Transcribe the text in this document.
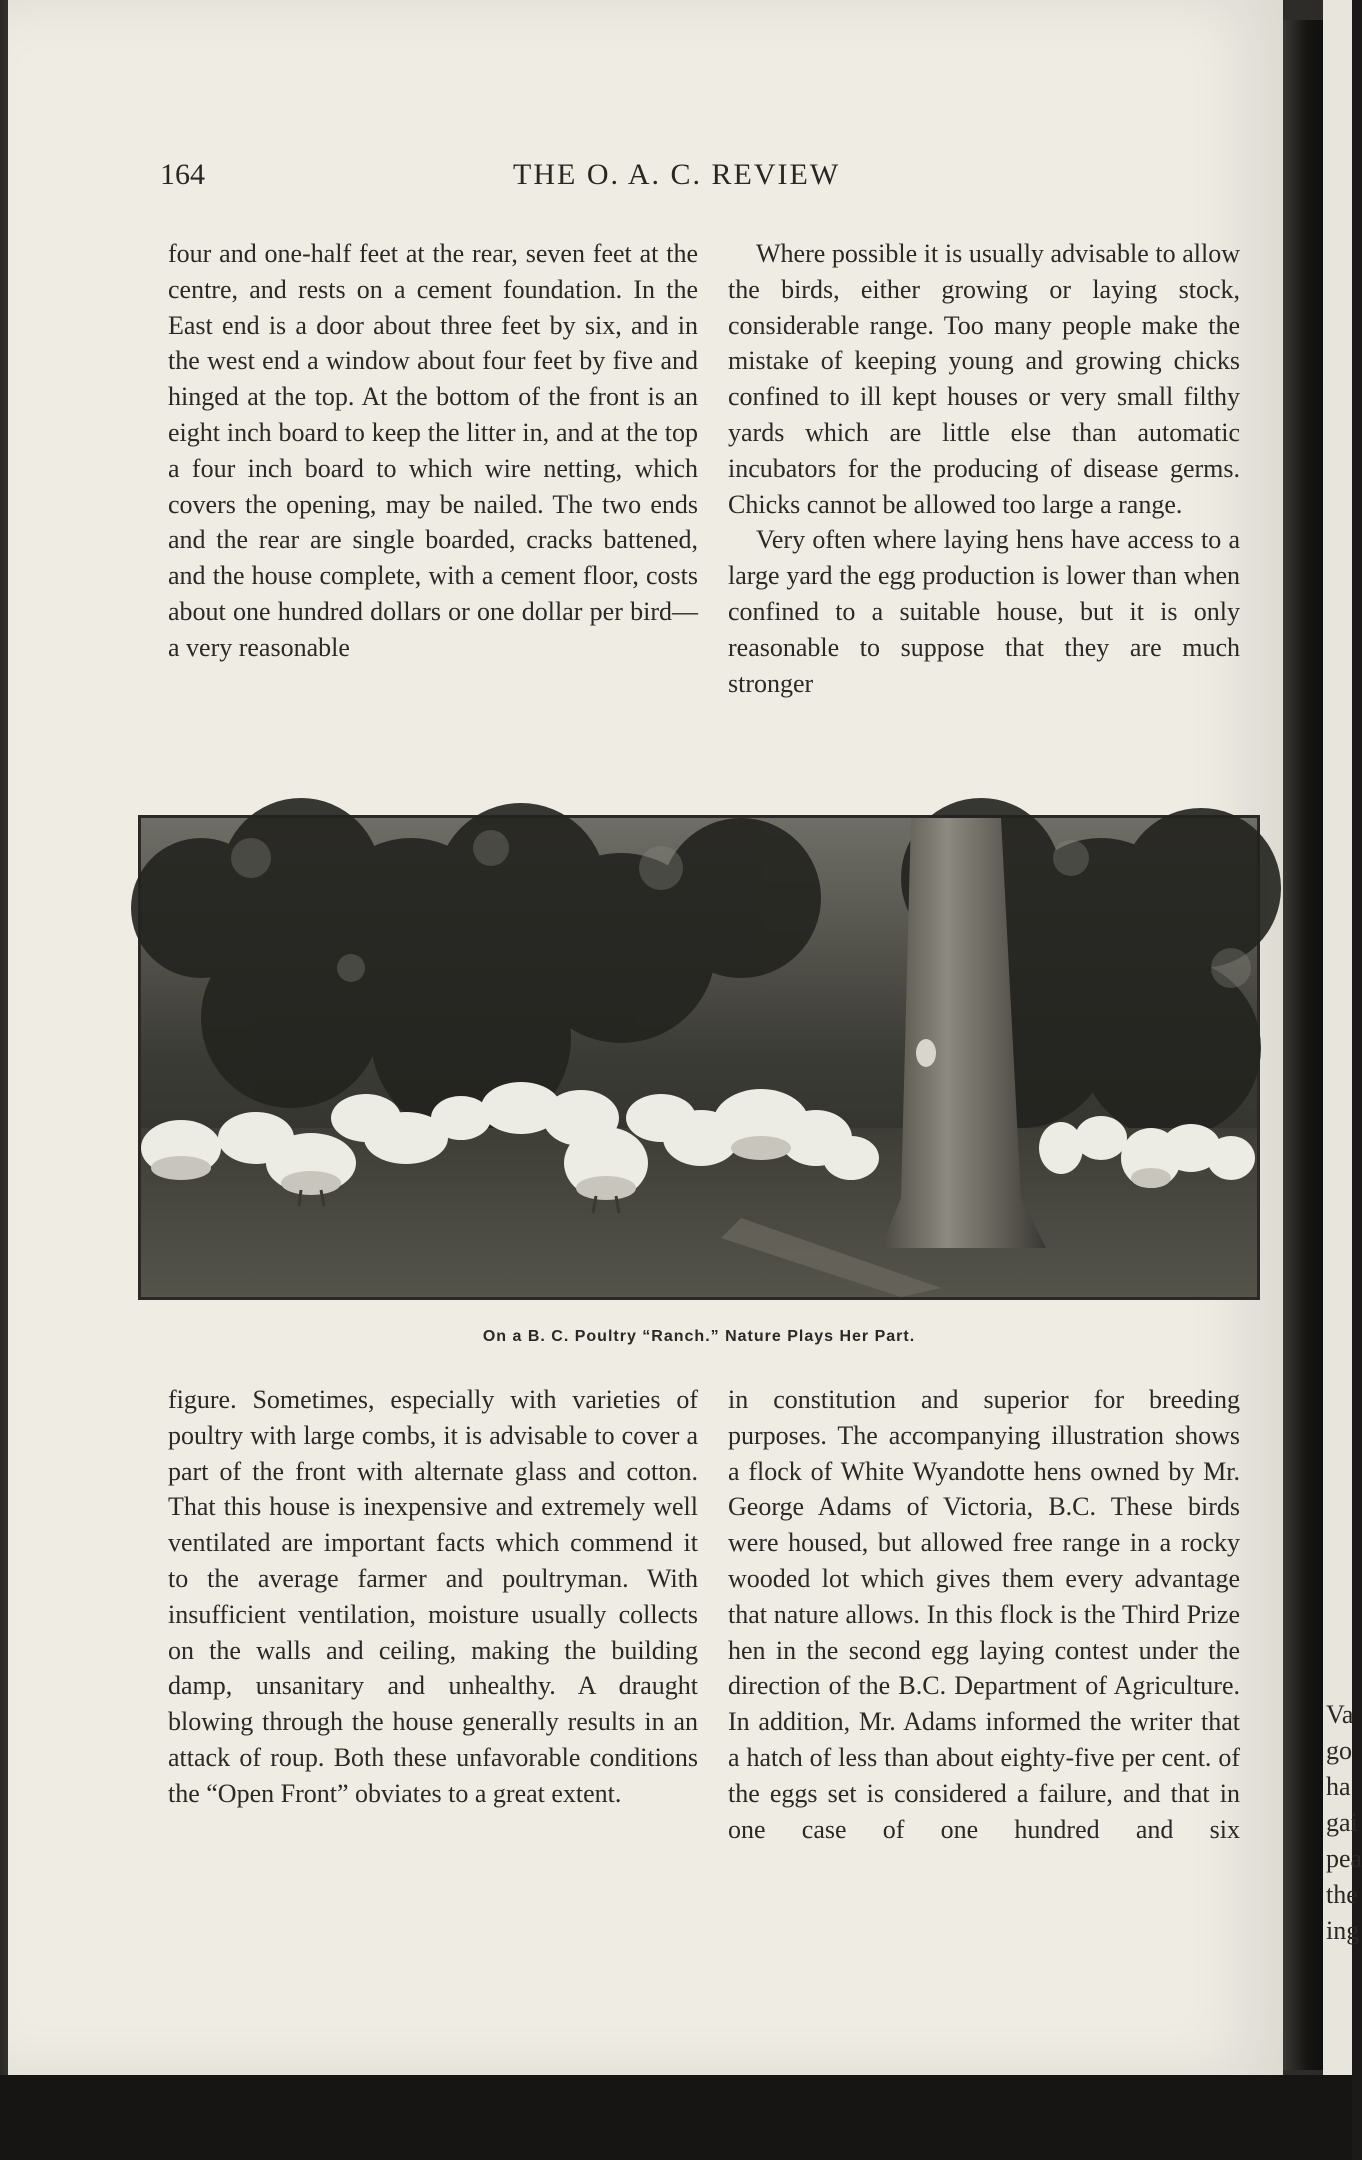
164	THE O. A. C. REVIEW

four and one-half feet at the rear, seven feet at the centre, and rests on a cement foundation. In the East end is a door about three feet by six, and in the west end a window about four feet by five and hinged at the top. At the bottom of the front is an eight inch board to keep the litter in, and at the top a four inch board to which wire netting, which covers the opening, may be nailed. The two ends and the rear are single boarded, cracks battened, and the house complete, with a cement floor, costs about one hundred dollars or one dollar per bird—a very reasonable

Where possible it is usually advisable to allow the birds, either growing or laying stock, considerable range. Too many people make the mistake of keeping young and growing chicks confined to ill kept houses or very small filthy yards which are little else than automatic incubators for the producing of disease germs. Chicks cannot be allowed too large a range.

Very often where laying hens have access to a large yard the egg production is lower than when confined to a suitable house, but it is only reasonable to suppose that they are much stronger

On a B. C. Poultry “Ranch.” Nature Plays Her Part.

figure. Sometimes, especially with varieties of poultry with large combs, it is advisable to cover a part of the front with alternate glass and cotton. That this house is inexpensive and extremely well ventilated are important facts which commend it to the average farmer and poultryman. With insufficient ventilation, moisture usually collects on the walls and ceiling, making the building damp, unsanitary and unhealthy. A draught blowing through the house generally results in an attack of roup. Both these unfavorable conditions the “Open Front” obviates to a great extent.

in constitution and superior for breeding purposes. The accompanying illustration shows a flock of White Wyandotte hens owned by Mr. George Adams of Victoria, B.C. These birds were housed, but allowed free range in a rocky wooded lot which gives them every advantage that nature allows. In this flock is the Third Prize hen in the second egg laying contest under the direction of the B.C. Department of Agriculture. In addition, Mr. Adams informed the writer that a hatch of less than about eighty-five per cent. of the eggs set is considered a failure, and that in one case of one hundred and six

Va
go
ha
gai
pea
the
ing
